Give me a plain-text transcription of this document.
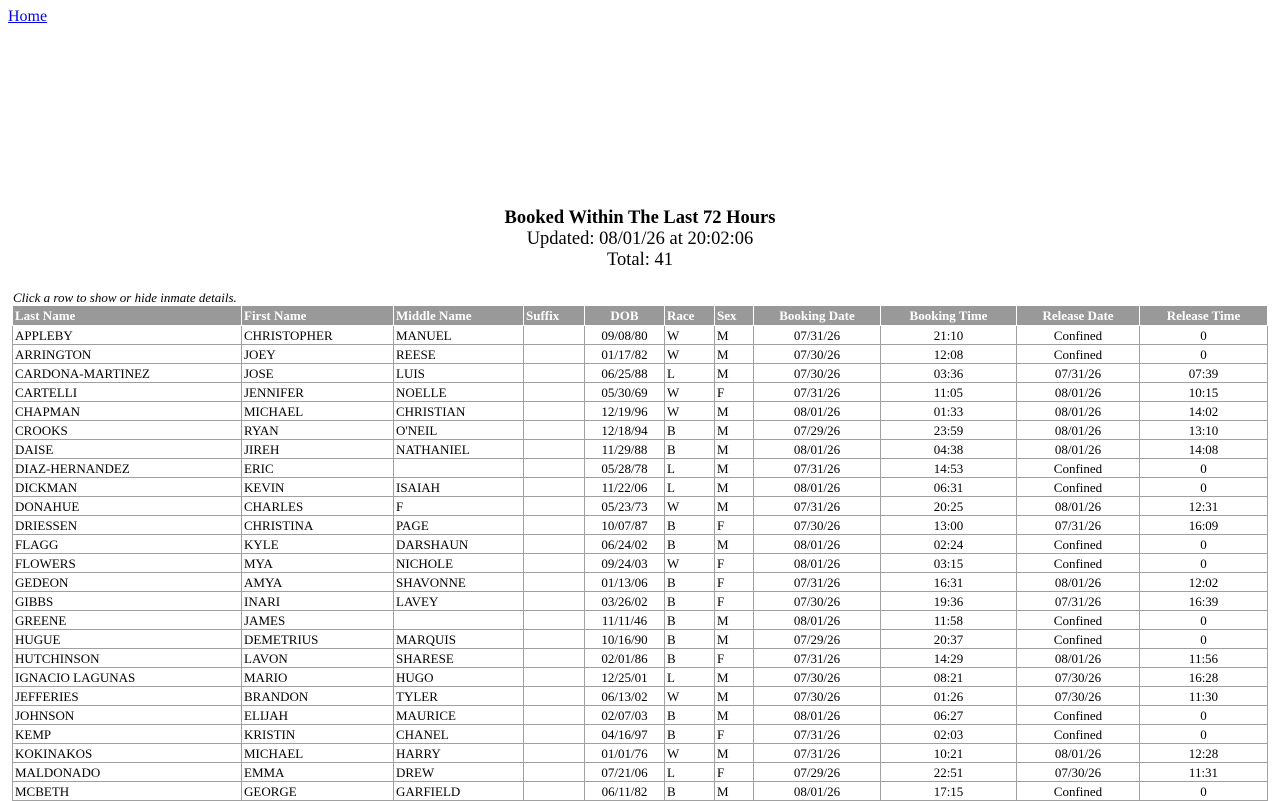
Home
Booked Within The Last 72 Hours
Updated: 08/01/26 at 20:02:06
Total: 41
Click a row to show or hide inmate details.
Last Name	First Name	Middle Name	Suffix	DOB	Race	Sex	Booking Date	Booking Time	Release Date	Release Time
APPLEBY	CHRISTOPHER	MANUEL		09/08/80	W	M	07/31/26	21:10	Confined	0
ARRINGTON	JOEY	REESE		01/17/82	W	M	07/30/26	12:08	Confined	0
CARDONA-MARTINEZ	JOSE	LUIS		06/25/88	L	M	07/30/26	03:36	07/31/26	07:39
CARTELLI	JENNIFER	NOELLE		05/30/69	W	F	07/31/26	11:05	08/01/26	10:15
CHAPMAN	MICHAEL	CHRISTIAN		12/19/96	W	M	08/01/26	01:33	08/01/26	14:02
CROOKS	RYAN	O'NEIL		12/18/94	B	M	07/29/26	23:59	08/01/26	13:10
DAISE	JIREH	NATHANIEL		11/29/88	B	M	08/01/26	04:38	08/01/26	14:08
DIAZ-HERNANDEZ	ERIC			05/28/78	L	M	07/31/26	14:53	Confined	0
DICKMAN	KEVIN	ISAIAH		11/22/06	L	M	08/01/26	06:31	Confined	0
DONAHUE	CHARLES	F		05/23/73	W	M	07/31/26	20:25	08/01/26	12:31
DRIESSEN	CHRISTINA	PAGE		10/07/87	B	F	07/30/26	13:00	07/31/26	16:09
FLAGG	KYLE	DARSHAUN		06/24/02	B	M	08/01/26	02:24	Confined	0
FLOWERS	MYA	NICHOLE		09/24/03	W	F	08/01/26	03:15	Confined	0
GEDEON	AMYA	SHAVONNE		01/13/06	B	F	07/31/26	16:31	08/01/26	12:02
GIBBS	INARI	LAVEY		03/26/02	B	F	07/30/26	19:36	07/31/26	16:39
GREENE	JAMES			11/11/46	B	M	08/01/26	11:58	Confined	0
HUGUE	DEMETRIUS	MARQUIS		10/16/90	B	M	07/29/26	20:37	Confined	0
HUTCHINSON	LAVON	SHARESE		02/01/86	B	F	07/31/26	14:29	08/01/26	11:56
IGNACIO LAGUNAS	MARIO	HUGO		12/25/01	L	M	07/30/26	08:21	07/30/26	16:28
JEFFERIES	BRANDON	TYLER		06/13/02	W	M	07/30/26	01:26	07/30/26	11:30
JOHNSON	ELIJAH	MAURICE		02/07/03	B	M	08/01/26	06:27	Confined	0
KEMP	KRISTIN	CHANEL		04/16/97	B	F	07/31/26	02:03	Confined	0
KOKINAKOS	MICHAEL	HARRY		01/01/76	W	M	07/31/26	10:21	08/01/26	12:28
MALDONADO	EMMA	DREW		07/21/06	L	F	07/29/26	22:51	07/30/26	11:31
MCBETH	GEORGE	GARFIELD		06/11/82	B	M	08/01/26	17:15	Confined	0
